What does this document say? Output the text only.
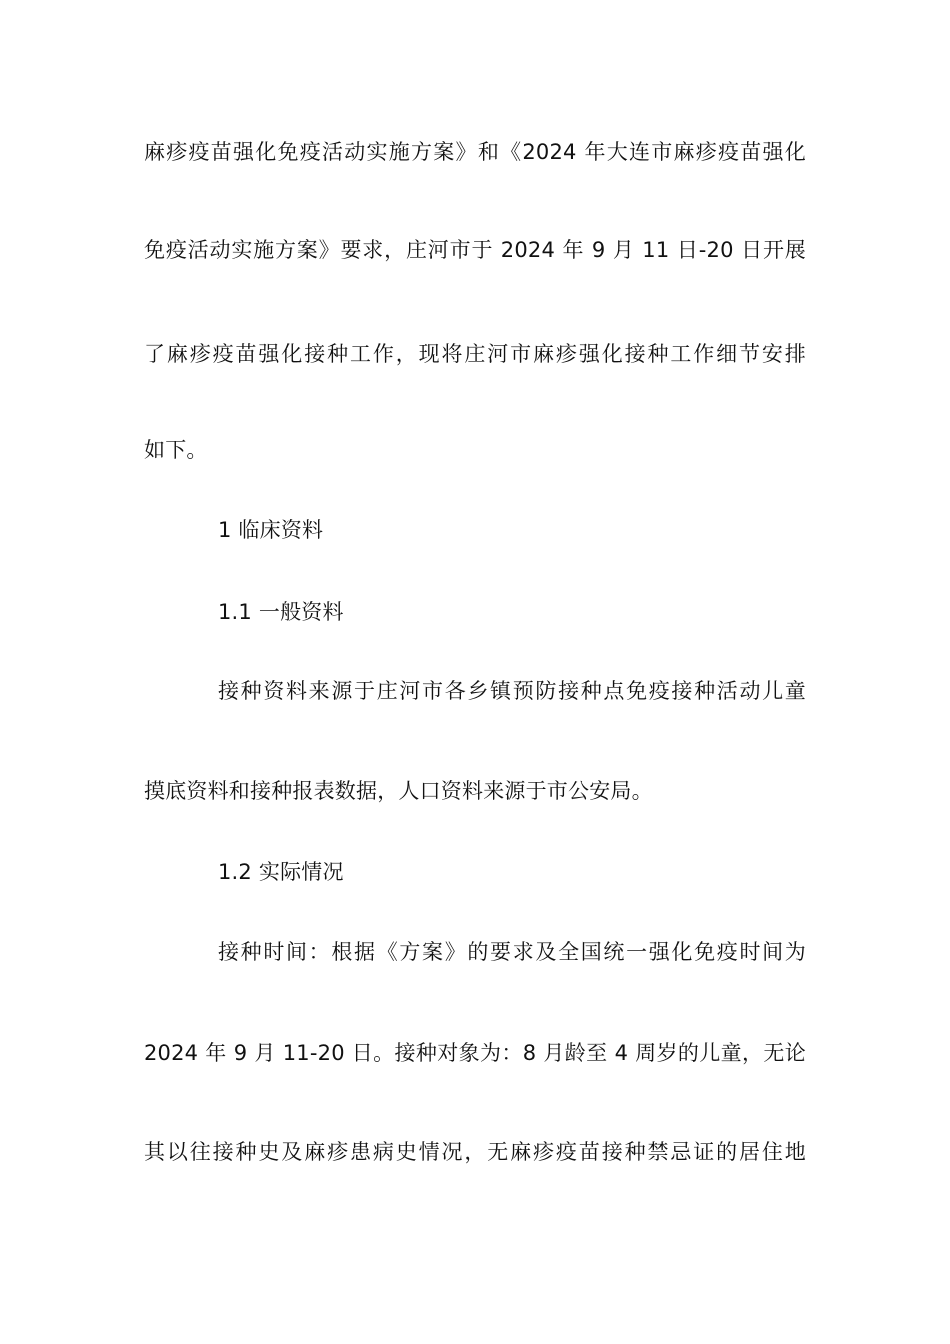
麻疹疫苗强化免疫活动实施方案》和《2024 年大连市麻疹疫苗强化
免疫活动实施方案》要求，庄河市于 2024 年 9 月 11 日-20 日开展
了麻疹疫苗强化接种工作，现将庄河市麻疹强化接种工作细节安排
如下。
1 临床资料
1.1 一般资料
接种资料来源于庄河市各乡镇预防接种点免疫接种活动儿童
摸底资料和接种报表数据，人口资料来源于市公安局。
1.2 实际情况
接种时间：根据《方案》的要求及全国统一强化免疫时间为
2024 年 9 月 11-20 日。接种对象为：8 月龄至 4 周岁的儿童，无论
其以往接种史及麻疹患病史情况，无麻疹疫苗接种禁忌证的居住地
